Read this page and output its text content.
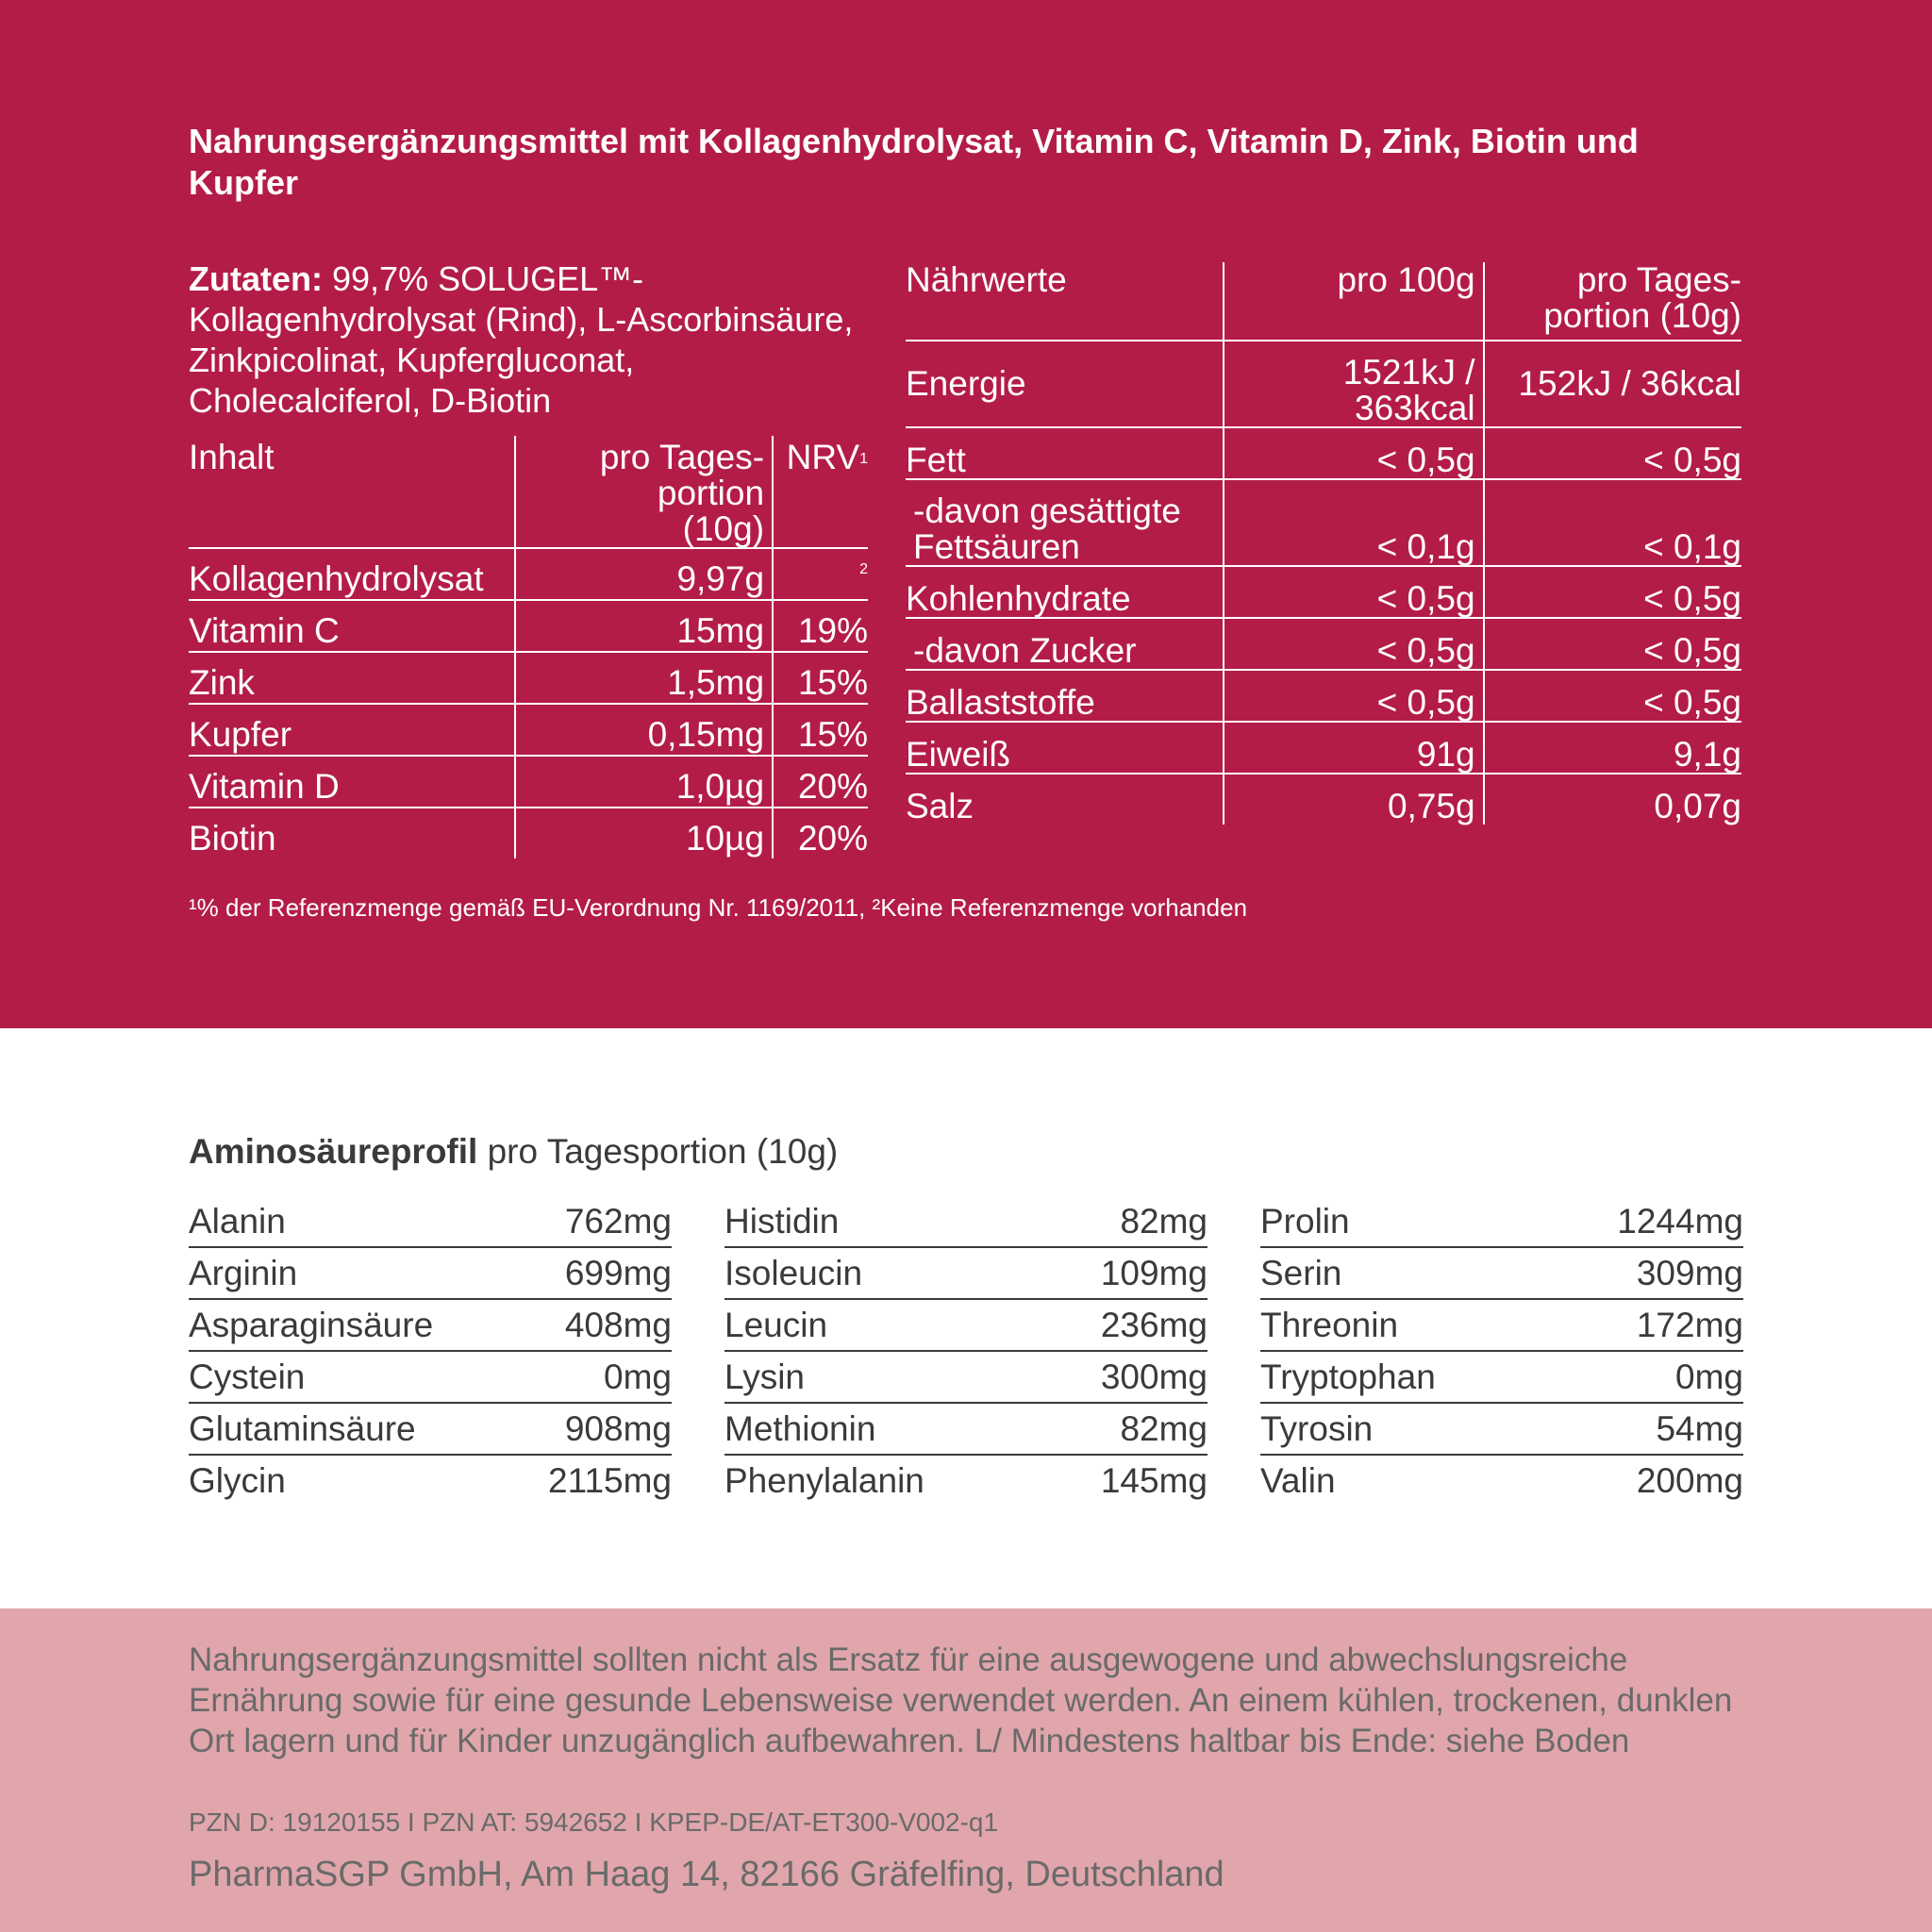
Nahrungsergänzungsmittel mit Kollagenhydrolysat, Vitamin C, Vitamin D, Zink, Biotin und Kupfer
Zutaten: 99,7% SOLUGEL™-Kollagenhydrolysat (Rind), L-Ascorbinsäure, Zinkpicolinat, Kupfergluconat, Cholecalciferol, D-Biotin
Inhalt	pro Tages-portion (10g)	NRV$^1$
Kollagenhydrolysat	9,97g	$^2$
Vitamin C	15mg	19%
Zink	1,5mg	15%
Kupfer	0,15mg	15%
Vitamin D	1,0µg	20%
Biotin	10µg	20%
Nährwerte	pro 100g	pro Tages-portion (10g)
Energie	1521kJ / 363kcal	152kJ / 36kcal
Fett	< 0,5g	< 0,5g
-davon gesättigte Fettsäuren	< 0,1g	< 0,1g
Kohlenhydrate	< 0,5g	< 0,5g
-davon Zucker	< 0,5g	< 0,5g
Ballaststoffe	< 0,5g	< 0,5g
Eiweiß	91g	9,1g
Salz	0,75g	0,07g
¹% der Referenzmenge gemäß EU-Verordnung Nr. 1169/2011, ²Keine Referenzmenge vorhanden
Aminosäureprofil pro Tagesportion (10g)
Alanin	762mg
Arginin	699mg
Asparaginsäure	408mg
Cystein	0mg
Glutaminsäure	908mg
Glycin	2115mg
Histidin	82mg
Isoleucin	109mg
Leucin	236mg
Lysin	300mg
Methionin	82mg
Phenylalanin	145mg
Prolin	1244mg
Serin	309mg
Threonin	172mg
Tryptophan	0mg
Tyrosin	54mg
Valin	200mg
Nahrungsergänzungsmittel sollten nicht als Ersatz für eine ausgewogene und abwechslungsreiche Ernährung sowie für eine gesunde Lebensweise verwendet werden. An einem kühlen, trockenen, dunklen Ort lagern und für Kinder unzugänglich aufbewahren. L/ Mindestens haltbar bis Ende: siehe Boden
PZN D: 19120155 I PZN AT: 5942652 I KPEP-DE/AT-ET300-V002-q1
PharmaSGP GmbH, Am Haag 14, 82166 Gräfelfing, Deutschland
